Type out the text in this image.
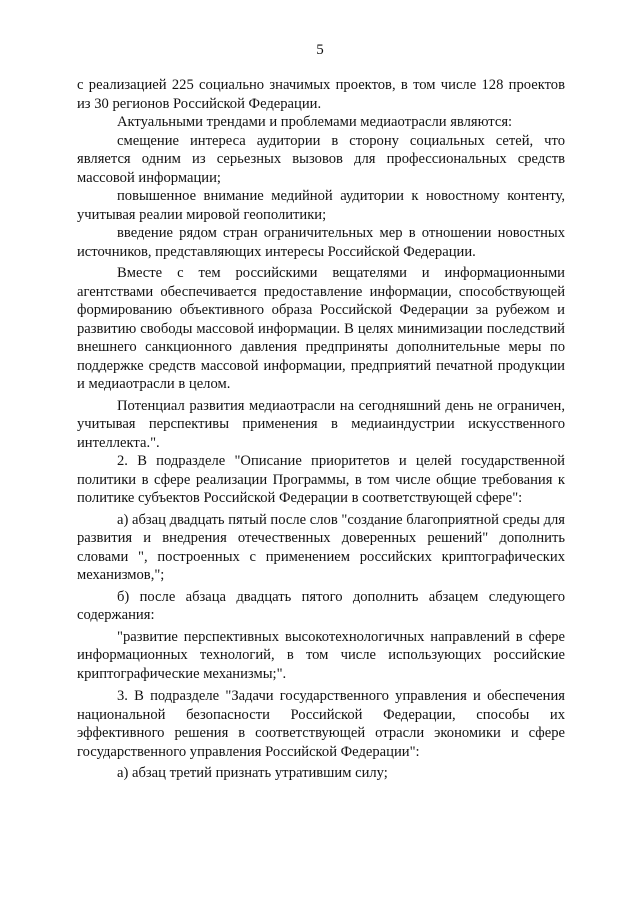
5

с реализацией 225 социально значимых проектов, в том числе 128 проектов из 30 регионов Российской Федерации.

Актуальными трендами и проблемами медиаотрасли являются:

смещение интереса аудитории в сторону социальных сетей, что является одним из серьезных вызовов для профессиональных средств массовой информации;

повышенное внимание медийной аудитории к новостному контенту, учитывая реалии мировой геополитики;

введение рядом стран ограничительных мер в отношении новостных источников, представляющих интересы Российской Федерации.

Вместе с тем российскими вещателями и информационными агентствами обеспечивается предоставление информации, способствующей формированию объективного образа Российской Федерации за рубежом и развитию свободы массовой информации. В целях минимизации последствий внешнего санкционного давления предприняты дополнительные меры по поддержке средств массовой информации, предприятий печатной продукции и медиаотрасли в целом.

Потенциал развития медиаотрасли на сегодняшний день не ограничен, учитывая перспективы применения в медиаиндустрии искусственного интеллекта.".

2. В подразделе "Описание приоритетов и целей государственной политики в сфере реализации Программы, в том числе общие требования к политике субъектов Российской Федерации в соответствующей сфере":

а) абзац двадцать пятый после слов "создание благоприятной среды для развития и внедрения отечественных доверенных решений" дополнить словами ", построенных с применением российских криптографических механизмов,";

б) после абзаца двадцать пятого дополнить абзацем следующего содержания:

"развитие перспективных высокотехнологичных направлений в сфере информационных технологий, в том числе использующих российские криптографические механизмы;".

3. В подразделе "Задачи государственного управления и обеспечения национальной безопасности Российской Федерации, способы их эффективного решения в соответствующей отрасли экономики и сфере государственного управления Российской Федерации":

а) абзац третий признать утратившим силу;
